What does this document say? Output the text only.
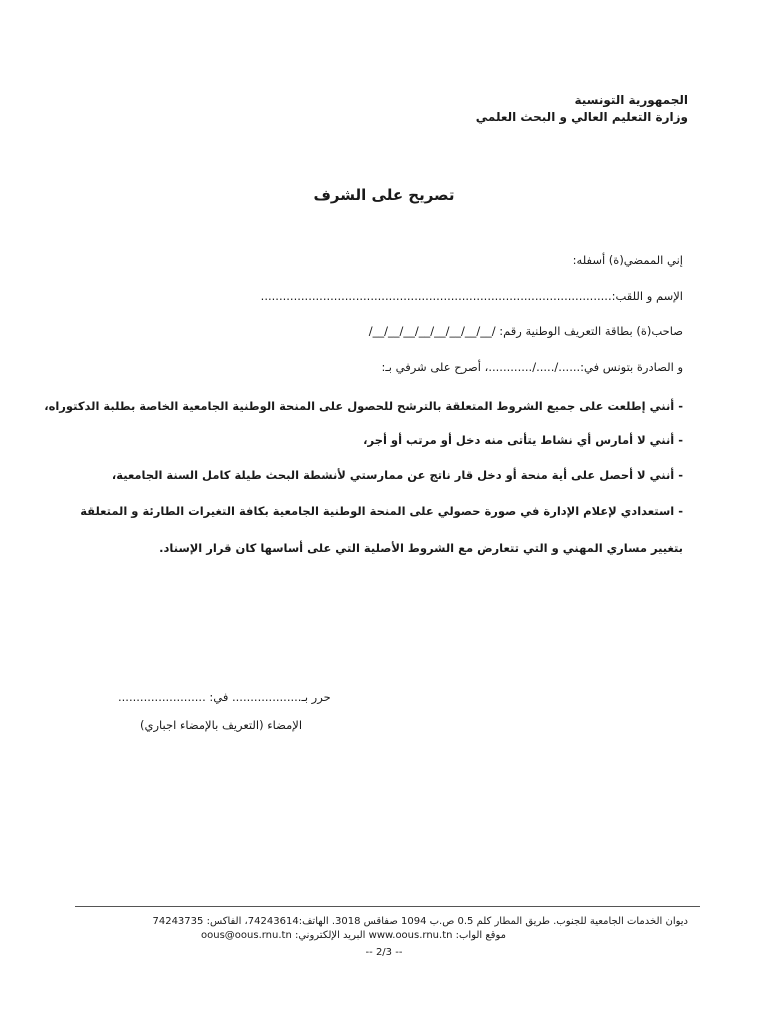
الجمهورية التونسية
وزارة التعليم العالي و البحث العلمي
تصريح على الشرف
إني الممضي(ة) أسفله:
الإسم و اللقب:................................................................................................
صاحب(ة) بطاقة التعريف الوطنية رقم: /__/__/__/__/__/__/__/__/
و الصادرة بتونس في:....../...../............، أصرح على شرفي بـ:
- أنني إطلعت على جميع الشروط المتعلقة بالترشح للحصول على المنحة الوطنية الجامعية الخاصة بطلبة الدكتوراه،
- أنني لا أمارس أي نشاط يتأتى منه دخل أو مرتب أو أجر،
- أنني لا أحصل على أية منحة أو دخل قار ناتج عن ممارستي لأنشطة البحث طيلة كامل السنة الجامعية،
- استعدادي لإعلام الإدارة في صورة حصولي على المنحة الوطنية الجامعية بكافة التغيرات الطارئة و المتعلقة
بتغيير مساري المهني و التي تتعارض مع الشروط الأصلية التي على أساسها كان قرار الإسناد.
حرر بـ................... في: ........................
الإمضاء (التعريف بالإمضاء اجباري)
ديوان الخدمات الجامعية للجنوب. طريق المطار كلم 0.5 ص.ب 1094 صفاقس 3018. الهاتف:74243614، الفاكس: 74243735
موقع الواب: www.oous.rnu.tn البريد الإلكتروني: oous@oous.rnu.tn
-- 2/3 --
